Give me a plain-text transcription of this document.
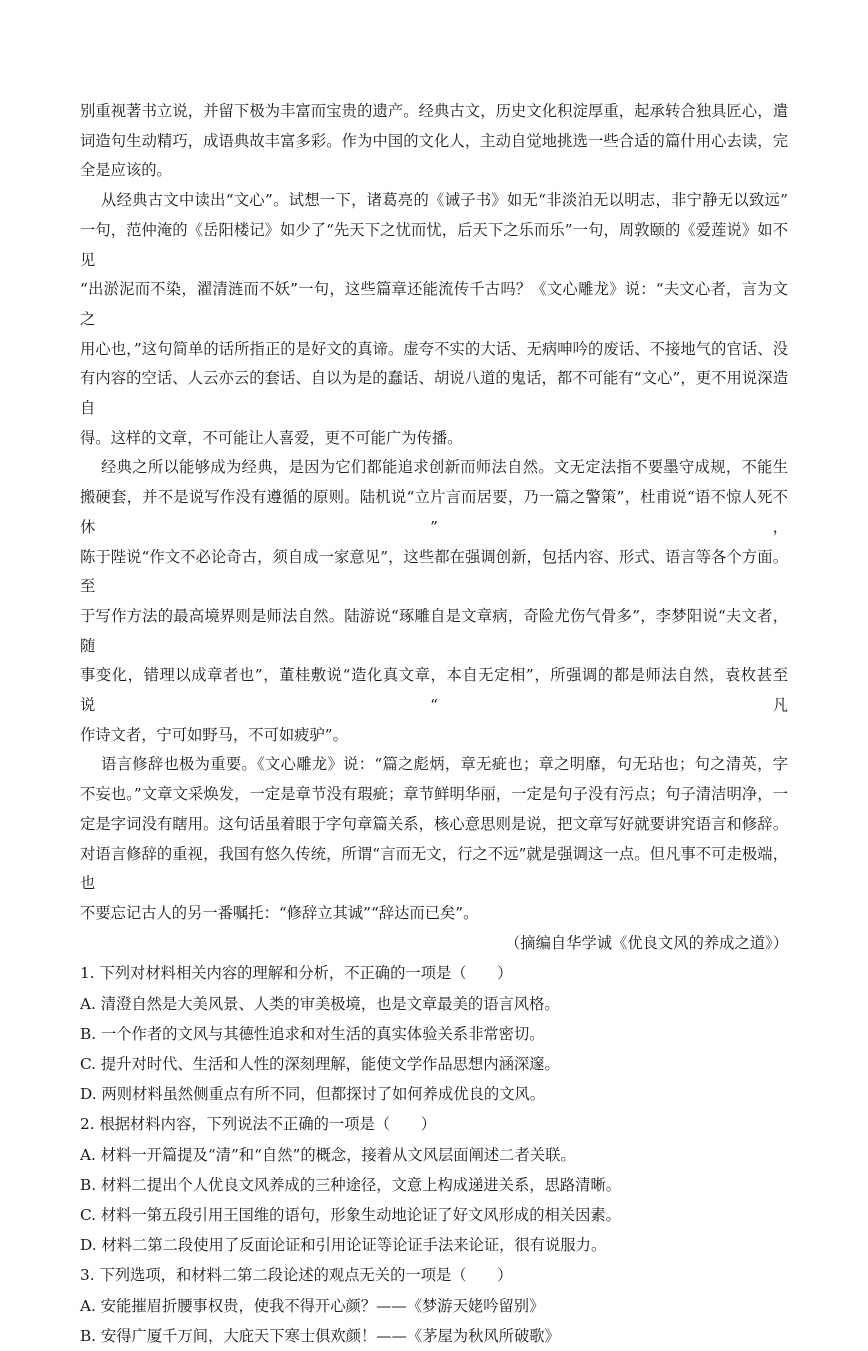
别重视著书立说，并留下极为丰富而宝贵的遗产。经典古文，历史文化积淀厚重，起承转合独具匠心，遣

词造句生动精巧，成语典故丰富多彩。作为中国的文化人，主动自觉地挑选一些合适的篇什用心去读，完

全是应该的。

从经典古文中读出“文心”。试想一下，诸葛亮的《诫子书》如无“非淡泊无以明志，非宁静无以致远”

一句，范仲淹的《岳阳楼记》如少了“先天下之忧而忧，后天下之乐而乐”一句，周敦颐的《爱莲说》如不见

“出淤泥而不染，濯清涟而不妖”一句，这些篇章还能流传千古吗？《文心雕龙》说：“夫文心者，言为文之

用心也，”这句简单的话所指正的是好文的真谛。虚夸不实的大话、无病呻吟的废话、不接地气的官话、没

有内容的空话、人云亦云的套话、自以为是的蠢话、胡说八道的鬼话，都不可能有“文心”，更不用说深造自

得。这样的文章，不可能让人喜爱，更不可能广为传播。

经典之所以能够成为经典，是因为它们都能追求创新而师法自然。文无定法指不要墨守成规，不能生

搬硬套，并不是说写作没有遵循的原则。陆机说“立片言而居要，乃一篇之警策”，杜甫说“语不惊人死不休”，

陈于陛说“作文不必论奇古，须自成一家意见”，这些都在强调创新，包括内容、形式、语言等各个方面。至

于写作方法的最高境界则是师法自然。陆游说“琢雕自是文章病，奇险尤伤气骨多”，李梦阳说“夫文者，随

事变化，错理以成章者也”，董桂敷说“造化真文章，本自无定相”，所强调的都是师法自然，袁枚甚至说“凡

作诗文者，宁可如野马，不可如疲驴”。

语言修辞也极为重要。《文心雕龙》说：“篇之彪炳，章无疵也；章之明靡，句无玷也；句之清英，字

不妄也。”文章文采焕发，一定是章节没有瑕疵；章节鲜明华丽，一定是句子没有污点；句子清洁明净，一

定是字词没有瞎用。这句话虽着眼于字句章篇关系，核心意思则是说，把文章写好就要讲究语言和修辞。

对语言修辞的重视，我国有悠久传统，所谓“言而无文，行之不远”就是强调这一点。但凡事不可走极端，也

不要忘记古人的另一番嘱托：“修辞立其诚”“辞达而已矣”。

（摘编自华学诚《优良文风的养成之道》）

1. 下列对材料相关内容的理解和分析，不正确的一项是（　　）

A. 清澄自然是大美风景、人类的审美极境，也是文章最美的语言风格。

B. 一个作者的文风与其德性追求和对生活的真实体验关系非常密切。

C. 提升对时代、生活和人性的深刻理解，能使文学作品思想内涵深邃。

D. 两则材料虽然侧重点有所不同，但都探讨了如何养成优良的文风。

2. 根据材料内容，下列说法不正确的一项是（　　）

A. 材料一开篇提及“清”和“自然”的概念，接着从文风层面阐述二者关联。

B. 材料二提出个人优良文风养成的三种途径，文意上构成递进关系，思路清晰。

C. 材料一第五段引用王国维的语句，形象生动地论证了好文风形成的相关因素。

D. 材料二第二段使用了反面论证和引用论证等论证手法来论证，很有说服力。

3. 下列选项，和材料二第二段论述的观点无关的一项是（　　）

A. 安能摧眉折腰事权贵，使我不得开心颜？——《梦游天姥吟留别》

B. 安得广厦千万间，大庇天下寒士俱欢颜！——《茅屋为秋风所破歌》
